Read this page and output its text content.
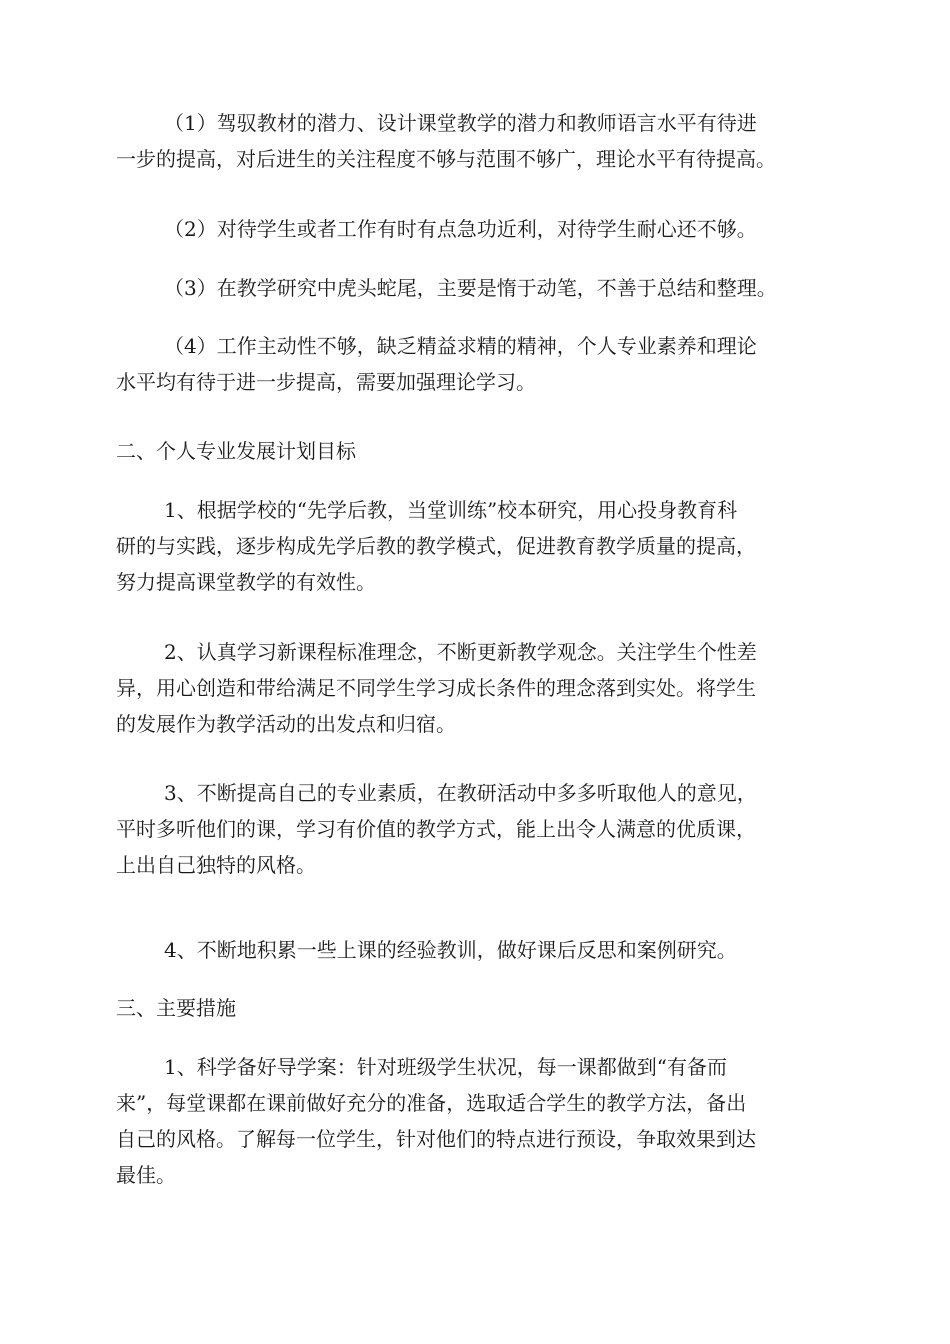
（1）驾驭教材的潜力、设计课堂教学的潜力和教师语言水平有待进
一步的提高，对后进生的关注程度不够与范围不够广，理论水平有待提高。
（2）对待学生或者工作有时有点急功近利，对待学生耐心还不够。
（3）在教学研究中虎头蛇尾，主要是惰于动笔，不善于总结和整理。
（4）工作主动性不够，缺乏精益求精的精神，个人专业素养和理论
水平均有待于进一步提高，需要加强理论学习。
二、个人专业发展计划目标
1、根据学校的“先学后教，当堂训练”校本研究，用心投身教育科
研的与实践，逐步构成先学后教的教学模式，促进教育教学质量的提高，
努力提高课堂教学的有效性。
2、认真学习新课程标准理念，不断更新教学观念。关注学生个性差
异，用心创造和带给满足不同学生学习成长条件的理念落到实处。将学生
的发展作为教学活动的出发点和归宿。
3、不断提高自己的专业素质，在教研活动中多多听取他人的意见，
平时多听他们的课，学习有价值的教学方式，能上出令人满意的优质课，
上出自己独特的风格。
4、不断地积累一些上课的经验教训，做好课后反思和案例研究。
三、主要措施
1、科学备好导学案：针对班级学生状况，每一课都做到“有备而
来”，每堂课都在课前做好充分的准备，选取适合学生的教学方法，备出
自己的风格。了解每一位学生，针对他们的特点进行预设，争取效果到达
最佳。
